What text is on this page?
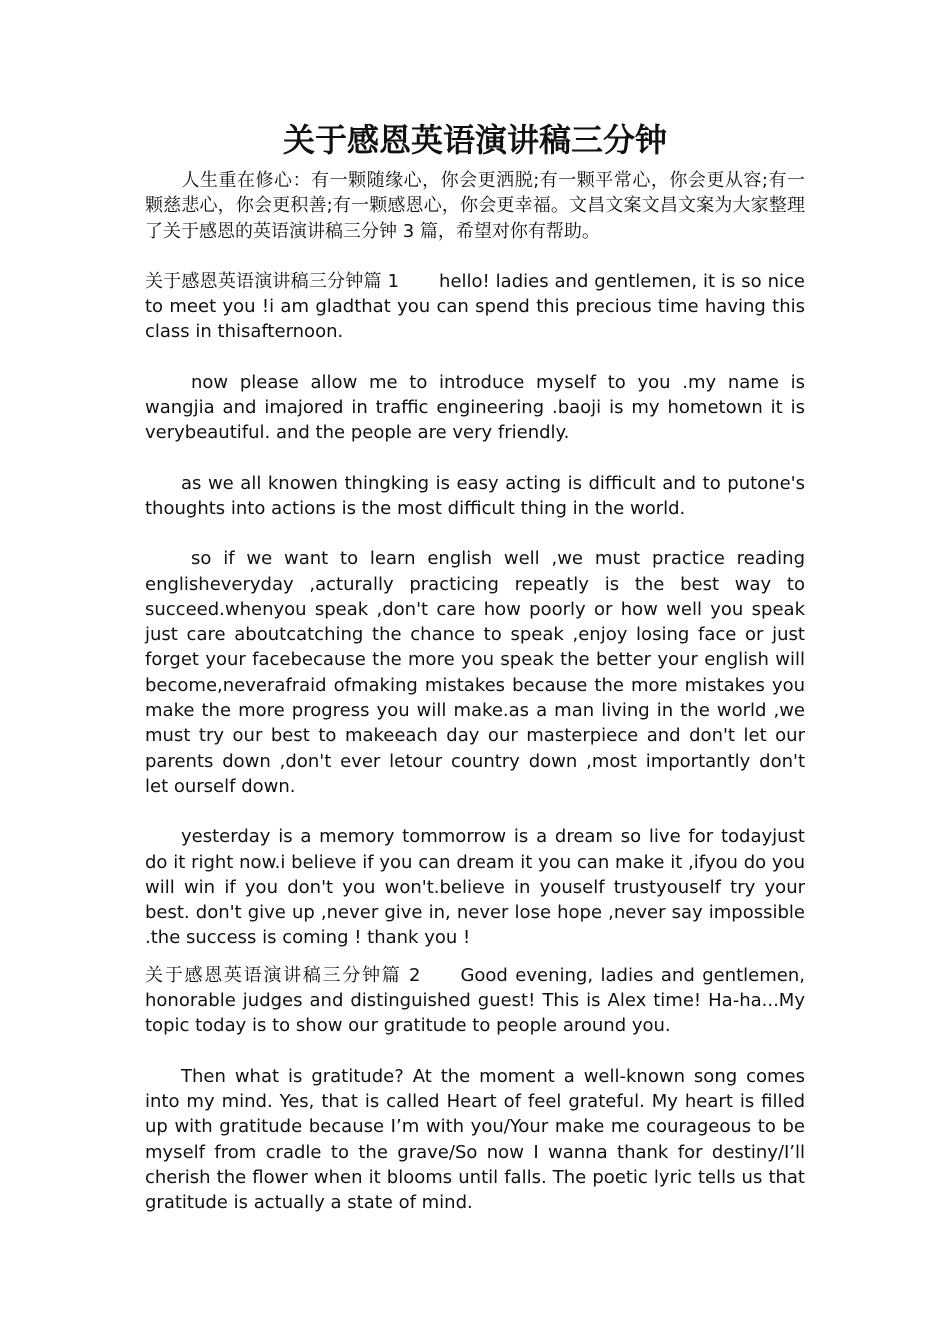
关于感恩英语演讲稿三分钟

人生重在修心：有一颗随缘心，你会更洒脱;有一颗平常心，你会更从容;有一颗慈悲心，你会更积善;有一颗感恩心，你会更幸福。文昌文案文昌文案为大家整理了关于感恩的英语演讲稿三分钟 3 篇，希望对你有帮助。

关于感恩英语演讲稿三分钟篇 1 hello! ladies and gentlemen, it is so nice to meet you !i am gladthat you can spend this precious time having this class in thisafternoon.

now please allow me to introduce myself to you .my name is wangjia and imajored in traffic engineering .baoji is my hometown it is verybeautiful. and the people are very friendly.

as we all knowen thingking is easy acting is difficult and to putone's thoughts into actions is the most difficult thing in the world.

so if we want to learn english well ,we must practice reading englisheveryday ,acturally practicing repeatly is the best way to succeed.whenyou speak ,don't care how poorly or how well you speak just care aboutcatching the chance to speak ,enjoy losing face or just forget your facebecause the more you speak the better your english will become,neverafraid ofmaking mistakes because the more mistakes you make the more progress you will make.as a man living in the world ,we must try our best to makeeach day our masterpiece and don't let our parents down ,don't ever letour country down ,most importantly don't let ourself down.

yesterday is a memory tommorrow is a dream so live for todayjust do it right now.i believe if you can dream it you can make it ,ifyou do you will win if you don't you won't.believe in youself trustyouself try your best. don't give up ,never give in, never lose hope ,never say impossible .the success is coming ! thank you !

关于感恩英语演讲稿三分钟篇 2 Good evening, ladies and gentlemen, honorable judges and distinguished guest! This is Alex time! Ha-ha...My topic today is to show our gratitude to people around you.

Then what is gratitude? At the moment a well-known song comes into my mind. Yes, that is called Heart of feel grateful. My heart is filled up with gratitude because I’m with you/Your make me courageous to be myself from cradle to the grave/So now I wanna thank for destiny/I’ll cherish the flower when it blooms until falls. The poetic lyric tells us that gratitude is actually a state of mind.
